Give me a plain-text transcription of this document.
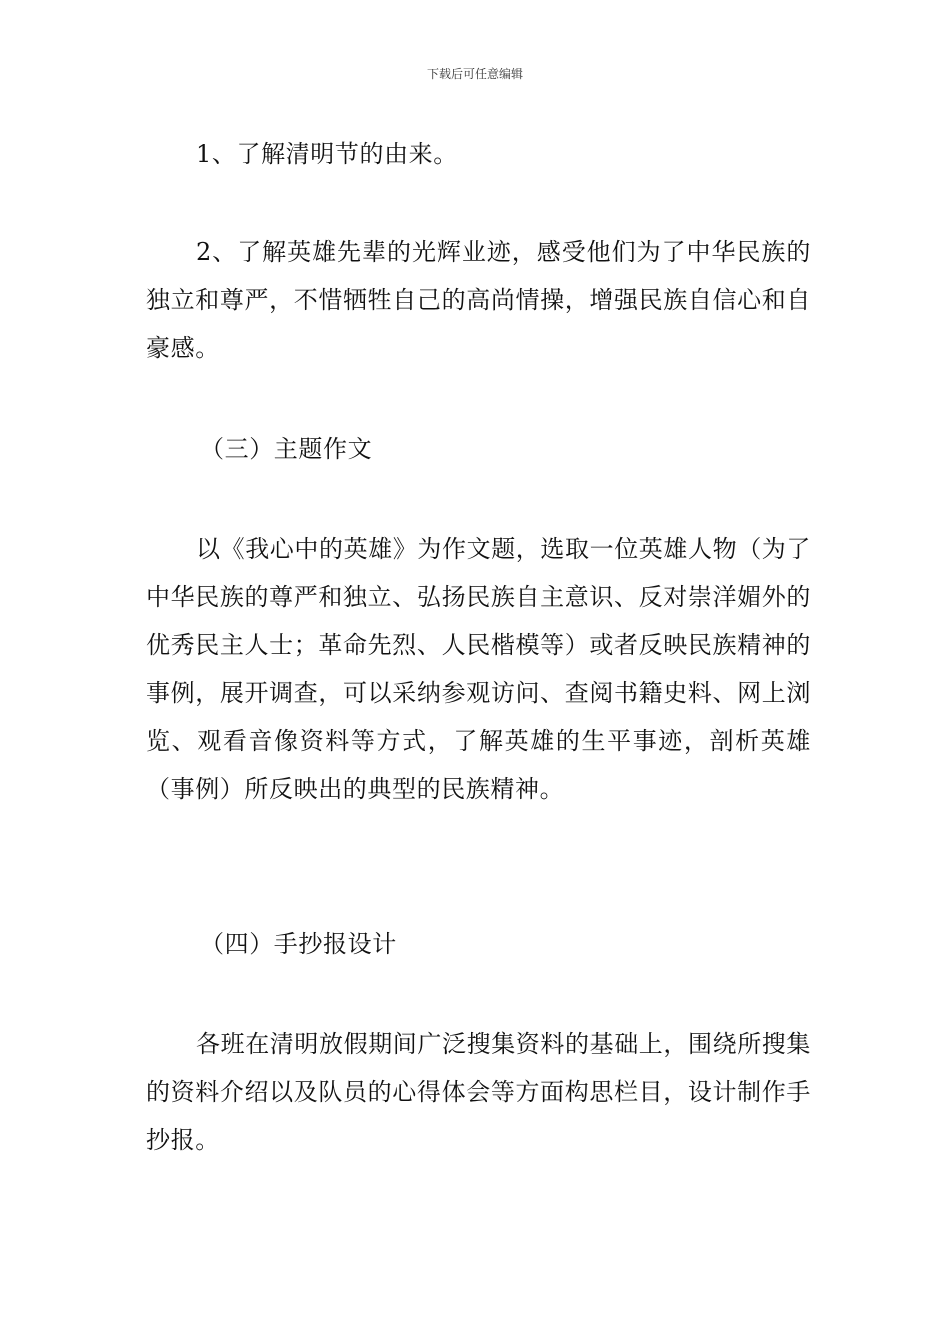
下载后可任意编辑

1、了解清明节的由来。

2、了解英雄先辈的光辉业迹，感受他们为了中华民族的独立和尊严，不惜牺牲自己的高尚情操，增强民族自信心和自豪感。

（三）主题作文

以《我心中的英雄》为作文题，选取一位英雄人物（为了中华民族的尊严和独立、弘扬民族自主意识、反对崇洋媚外的优秀民主人士；革命先烈、人民楷模等）或者反映民族精神的事例，展开调查，可以采纳参观访问、查阅书籍史料、网上浏览、观看音像资料等方式，了解英雄的生平事迹，剖析英雄（事例）所反映出的典型的民族精神。

（四）手抄报设计

各班在清明放假期间广泛搜集资料的基础上，围绕所搜集的资料介绍以及队员的心得体会等方面构思栏目，设计制作手抄报。
